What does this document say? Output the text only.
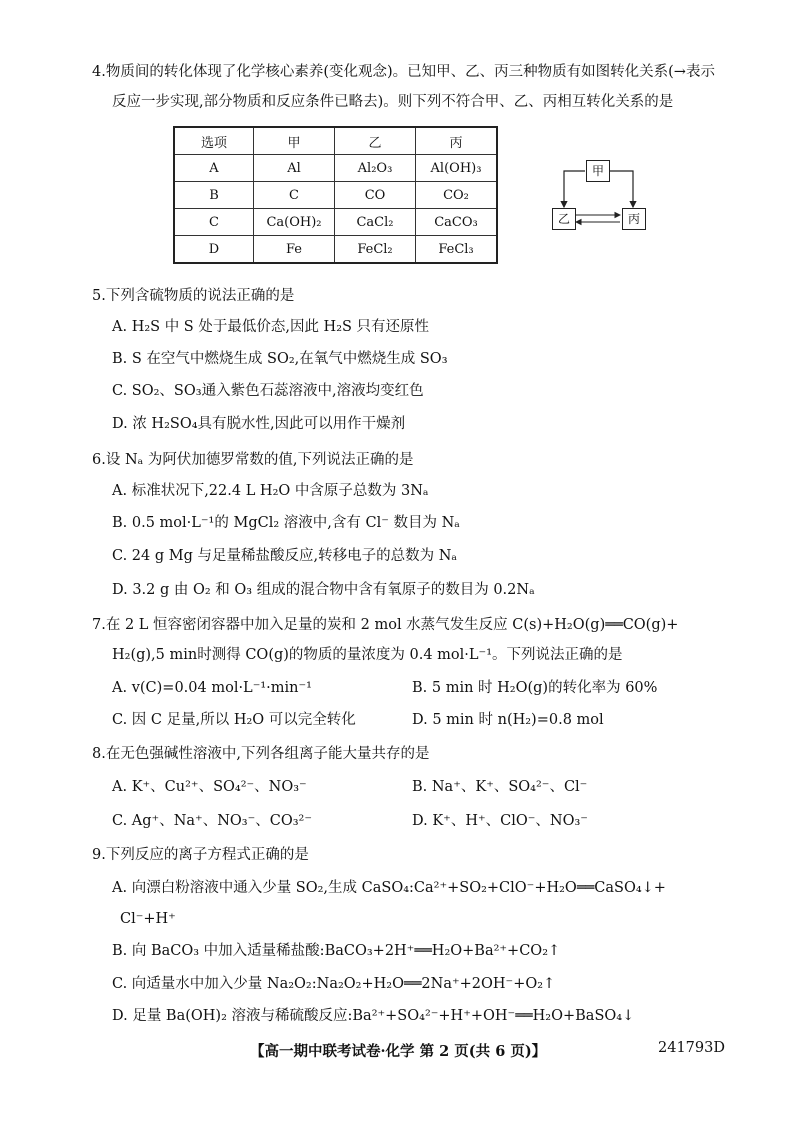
4.物质间的转化体现了化学核心素养(变化观念)。已知甲、乙、丙三种物质有如图转化关系(→表示
反应一步实现,部分物质和反应条件已略去)。则下列不符合甲、乙、丙相互转化关系的是
选项	甲	乙	丙
A	Al	Al₂O₃	Al(OH)₃
B	C	CO	CO₂
C	Ca(OH)₂	CaCl₂	CaCO₃
D	Fe	FeCl₂	FeCl₃
甲
乙	丙
5.下列含硫物质的说法正确的是
A. H₂S 中 S 处于最低价态,因此 H₂S 只有还原性
B. S 在空气中燃烧生成 SO₂,在氧气中燃烧生成 SO₃
C. SO₂、SO₃通入紫色石蕊溶液中,溶液均变红色
D. 浓 H₂SO₄具有脱水性,因此可以用作干燥剂
6.设 Nₐ 为阿伏加德罗常数的值,下列说法正确的是
A. 标准状况下,22.4 L H₂O 中含原子总数为 3Nₐ
B. 0.5 mol·L⁻¹的 MgCl₂ 溶液中,含有 Cl⁻ 数目为 Nₐ
C. 24 g Mg 与足量稀盐酸反应,转移电子的总数为 Nₐ
D. 3.2 g 由 O₂ 和 O₃ 组成的混合物中含有氧原子的数目为 0.2Nₐ
7.在 2 L 恒容密闭容器中加入足量的炭和 2 mol 水蒸气发生反应 C(s)+H₂O(g)══CO(g)+
H₂(g),5 min时测得 CO(g)的物质的量浓度为 0.4 mol·L⁻¹。下列说法正确的是
A. v(C)=0.04 mol·L⁻¹·min⁻¹	B. 5 min 时 H₂O(g)的转化率为 60%
C. 因 C 足量,所以 H₂O 可以完全转化	D. 5 min 时 n(H₂)=0.8 mol
8.在无色强碱性溶液中,下列各组离子能大量共存的是
A. K⁺、Cu²⁺、SO₄²⁻、NO₃⁻	B. Na⁺、K⁺、SO₄²⁻、Cl⁻
C. Ag⁺、Na⁺、NO₃⁻、CO₃²⁻	D. K⁺、H⁺、ClO⁻、NO₃⁻
9.下列反应的离子方程式正确的是
A. 向漂白粉溶液中通入少量 SO₂,生成 CaSO₄:Ca²⁺+SO₂+ClO⁻+H₂O══CaSO₄↓+
Cl⁻+H⁺
B. 向 BaCO₃ 中加入适量稀盐酸:BaCO₃+2H⁺══H₂O+Ba²⁺+CO₂↑
C. 向适量水中加入少量 Na₂O₂:Na₂O₂+H₂O══2Na⁺+2OH⁻+O₂↑
D. 足量 Ba(OH)₂ 溶液与稀硫酸反应:Ba²⁺+SO₄²⁻+H⁺+OH⁻══H₂O+BaSO₄↓
【高一期中联考试卷·化学 第 2 页(共 6 页)】	241793D
